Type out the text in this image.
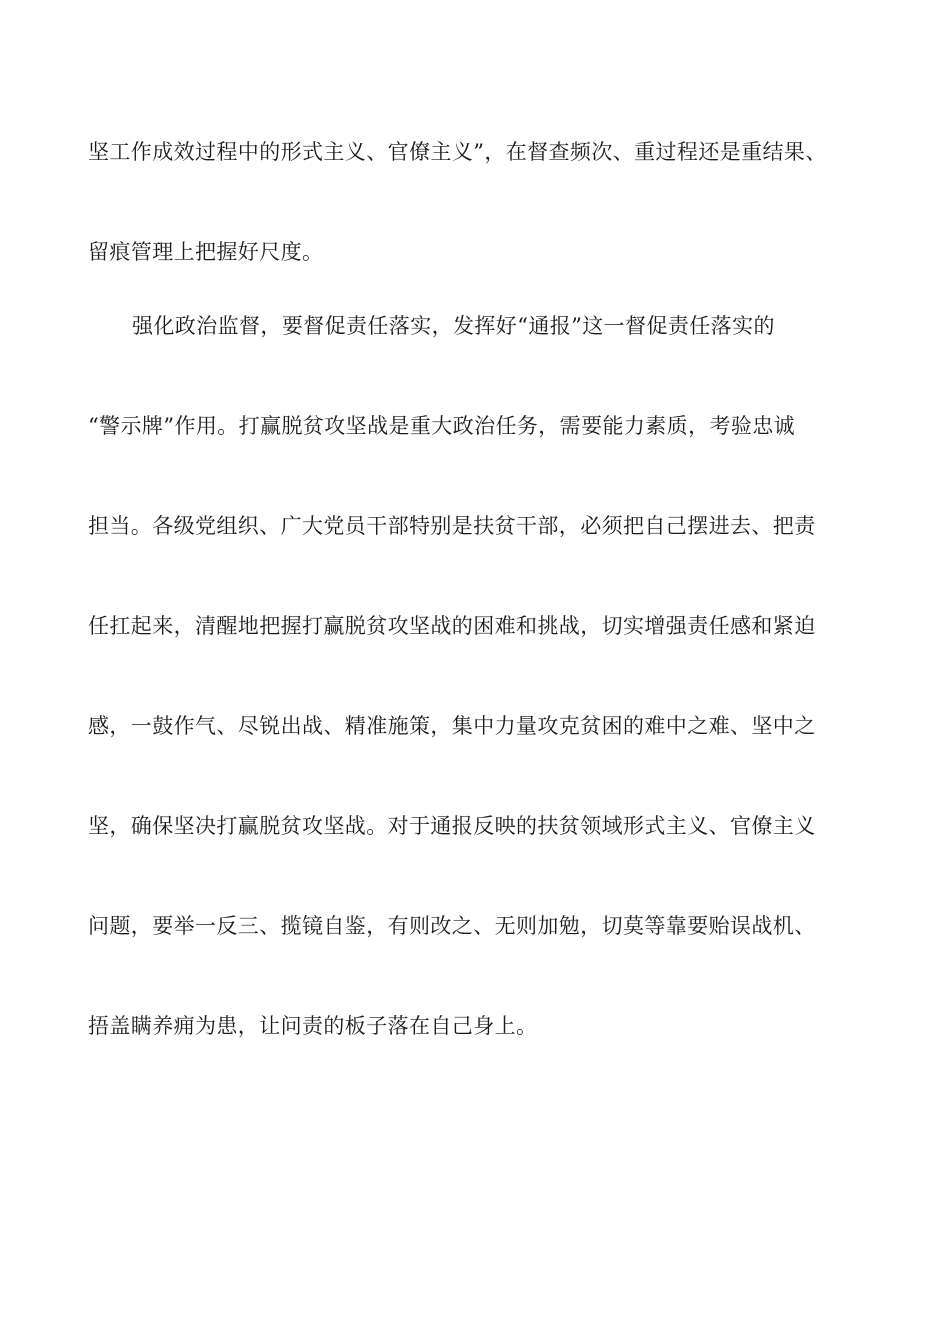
坚工作成效过程中的形式主义、官僚主义”，在督查频次、重过程还是重结果、
留痕管理上把握好尺度。
强化政治监督，要督促责任落实，发挥好“通报”这一督促责任落实的
“警示牌”作用。打赢脱贫攻坚战是重大政治任务，需要能力素质，考验忠诚
担当。各级党组织、广大党员干部特别是扶贫干部，必须把自己摆进去、把责
任扛起来，清醒地把握打赢脱贫攻坚战的困难和挑战，切实增强责任感和紧迫
感，一鼓作气、尽锐出战、精准施策，集中力量攻克贫困的难中之难、坚中之
坚，确保坚决打赢脱贫攻坚战。对于通报反映的扶贫领域形式主义、官僚主义
问题，要举一反三、揽镜自鉴，有则改之、无则加勉，切莫等靠要贻误战机、
捂盖瞒养痈为患，让问责的板子落在自己身上。
